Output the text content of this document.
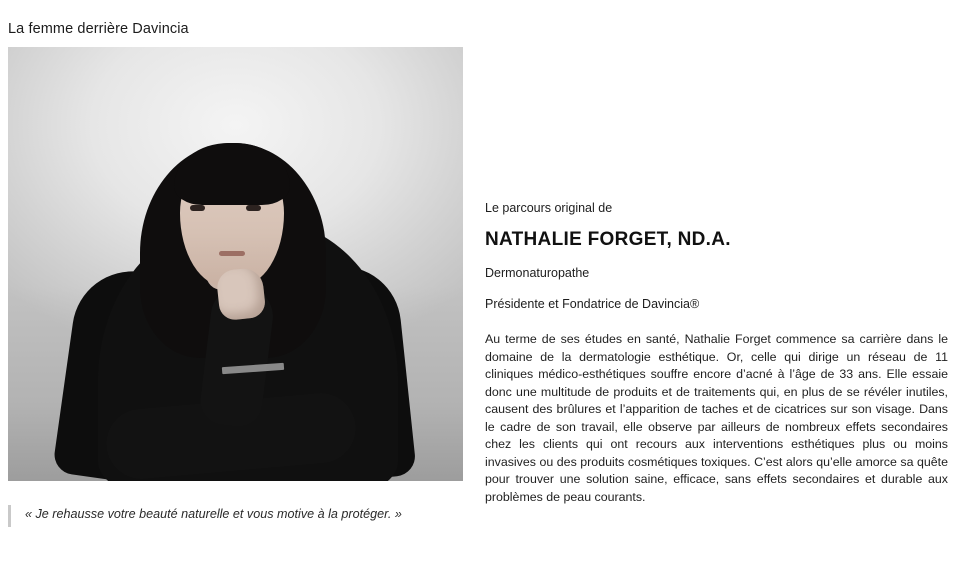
La femme derrière Davincia

Le parcours original de

NATHALIE FORGET, ND.A.

Dermonaturopathe

Présidente et Fondatrice de Davincia®

Au terme de ses études en santé, Nathalie Forget commence sa carrière dans le domaine de la dermatologie esthétique. Or, celle qui dirige un réseau de 11 cliniques médico-esthétiques souffre encore d’acné à l’âge de 33 ans. Elle essaie donc une multitude de produits et de traitements qui, en plus de se révéler inutiles, causent des brûlures et l’apparition de taches et de cicatrices sur son visage. Dans le cadre de son travail, elle observe par ailleurs de nombreux effets secondaires chez les clients qui ont recours aux interventions esthétiques plus ou moins invasives ou des produits cosmétiques toxiques. C’est alors qu’elle amorce sa quête pour trouver une solution saine, efficace, sans effets secondaires et durable aux problèmes de peau courants.

« Je rehausse votre beauté naturelle et vous motive à la protéger. »
